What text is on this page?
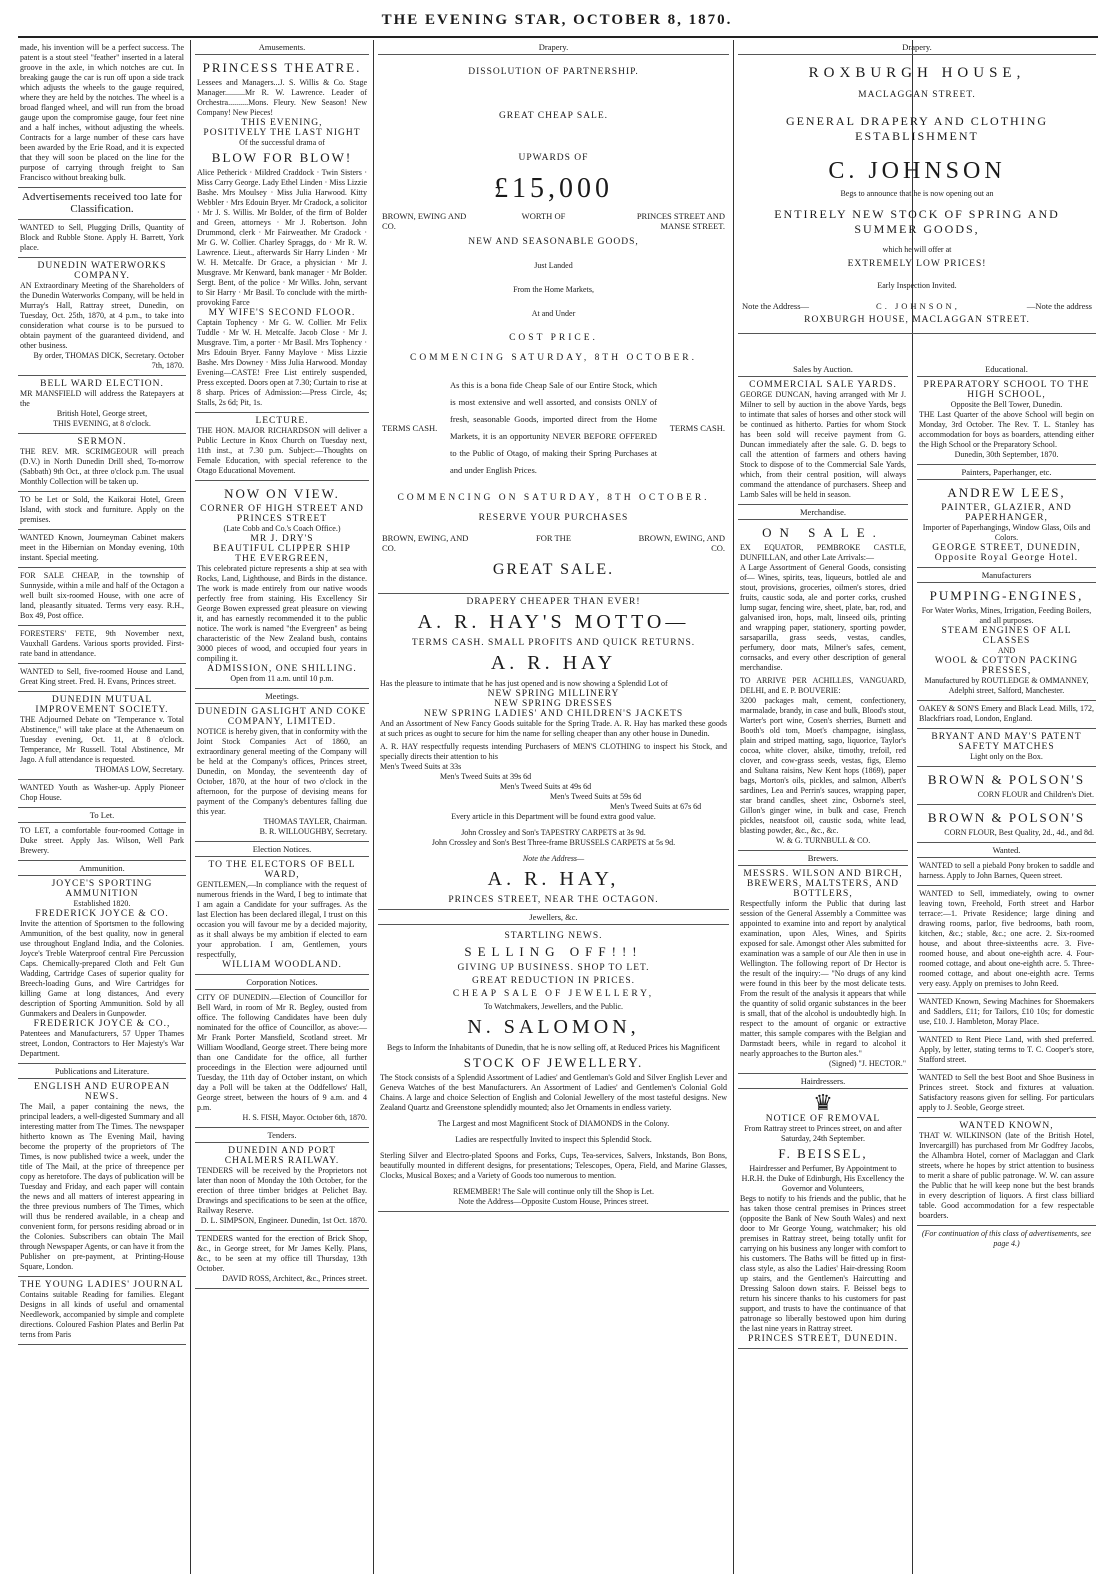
THE EVENING STAR, OCTOBER 8, 1870.
made, his invention will be a perfect success. The patent is a stout steel "feather" inserted in a lateral groove in the axle, in which notches are cut. In breaking gauge the car is run off upon a side track which adjusts the wheels to the gauge required, where they are held by the notches. The wheel is a broad flanged wheel, and will run from the broad gauge upon the compromise gauge, four feet nine and a half inches, without adjusting the wheels. Contracts for a large number of these cars have been awarded by the Erie Road, and it is expected that they will soon be placed on the line for the purpose of carrying through freight to San Francisco without breaking bulk.
Advertisements received too late for Classification.
WANTED to Sell, Plugging Drills, Quantity of Block and Rubble Stone. Apply H. Barrett, York place.
DUNEDIN WATERWORKS COMPANY.
AN Extraordinary Meeting of the Shareholders of the Dunedin Waterworks Company, will be held in Murray's Hall, Rattray street, Dunedin, on Tuesday, Oct. 25th, 1870, at 4 p.m., to take into consideration what course is to be pursued to obtain payment of the guaranteed dividend, and other business.
By order, THOMAS DICK, Secretary. October 7th, 1870.
BELL WARD ELECTION.
MR MANSFIELD will address the Ratepayers at the
British Hotel, George street,
THIS EVENING, at 8 o'clock.
SERMON.
THE REV. MR. SCRIMGEOUR will preach (D.V.) in North Dunedin Drill shed, To-morrow (Sabbath) 9th Oct., at three o'clock p.m. The usual Monthly Collection will be taken up.
TO be Let or Sold, the Kaikorai Hotel, Green Island, with stock and furniture. Apply on the premises.
WANTED Known, Journeyman Cabinet makers meet in the Hibernian on Monday evening, 10th instant. Special meeting.
FOR SALE CHEAP, in the township of Sunnyside, within a mile and half of the Octagon a well built six-roomed House, with one acre of land, pleasantly situated. Terms very easy. R.H., Box 49, Post office.
FORESTERS' FETE, 9th November next, Vauxhall Gardens. Various sports provided. First-rate band in attendance.
WANTED to Sell, five-roomed House and Land, Great King street. Fred. H. Evans, Princes street.
DUNEDIN MUTUAL IMPROVEMENT SOCIETY.
THE Adjourned Debate on "Temperance v. Total Abstinence," will take place at the Athenaeum on Tuesday evening, Oct. 11, at 8 o'clock. Temperance, Mr Russell. Total Abstinence, Mr Jago. A full attendance is requested.
THOMAS LOW, Secretary.
WANTED Youth as Washer-up. Apply Pioneer Chop House.
To Let.
TO LET, a comfortable four-roomed Cottage in Duke street. Apply Jas. Wilson, Well Park Brewery.
Ammunition.
JOYCE'S SPORTING AMMUNITION
Established 1820.
FREDERICK JOYCE & CO.
Invite the attention of Sportsmen to the following Ammunition, of the best quality, now in general use throughout England India, and the Colonies. Joyce's Treble Waterproof central Fire Percussion Caps. Chemically-prepared Cloth and Felt Gun Wadding, Cartridge Cases of superior quality for Breech-loading Guns, and Wire Cartridges for killing Game at long distances, And every description of Sporting Ammunition. Sold by all Gunmakers and Dealers in Gunpowder.
FREDERICK JOYCE & CO.,
Patentees and Manufacturers, 57 Upper Thames street, London, Contractors to Her Majesty's War Department.
Publications and Literature.
ENGLISH AND EUROPEAN NEWS.
The Mail, a paper containing the news, the principal leaders, a well-digested Summary and all interesting matter from The Times. The newspaper hitherto known as The Evening Mail, having become the property of the proprietors of The Times, is now published twice a week, under the title of The Mail, at the price of threepence per copy as heretofore. The days of publication will be Tuesday and Friday, and each paper will contain the news and all matters of interest appearing in the three previous numbers of The Times, which will thus be rendered available, in a cheap and convenient form, for persons residing abroad or in the Colonies. Subscribers can obtain The Mail through Newspaper Agents, or can have it from the Publisher on pre-payment, at Printing-House Square, London.
THE YOUNG LADIES' JOURNAL
Contains suitable Reading for families. Elegant Designs in all kinds of useful and ornamental Needlework, accompanied by simple and complete directions. Coloured Fashion Plates and Berlin Pat terns from Paris
Amusements.
PRINCESS THEATRE.
Lessees and Managers...J. S. Willis & Co. Stage Manager..........Mr R. W. Lawrence. Leader of Orchestra..........Mons. Fleury. New Season! New Company! New Pieces!
THIS EVENING,
POSITIVELY THE LAST NIGHT
Of the successful drama of
BLOW FOR BLOW!
Alice Petherick · Mildred Craddock · Twin Sisters · Miss Carry George. Lady Ethel Linden · Miss Lizzie Bashe. Mrs Moulsey · Miss Julia Harwood. Kitty Webbler · Mrs Edouin Bryer. Mr Cradock, a solicitor · Mr J. S. Willis. Mr Bolder, of the firm of Bolder and Green, attorneys · Mr J. Robertson. John Drummond, clerk · Mr Fairweather. Mr Cradock · Mr G. W. Collier. Charley Spraggs, do · Mr R. W. Lawrence. Lieut., afterwards Sir Harry Linden · Mr W. H. Metcalfe. Dr Grace, a physician · Mr J. Musgrave. Mr Kenward, bank manager · Mr Bolder. Sergt. Bent, of the police · Mr Wilks. John, servant to Sir Harry · Mr Basil. To conclude with the mirth-provoking Farce
MY WIFE'S SECOND FLOOR.
Captain Tophency · Mr G. W. Collier. Mr Felix Tuddle · Mr W. H. Metcalfe. Jacob Close · Mr J. Musgrave. Tim, a porter · Mr Basil. Mrs Tophency · Mrs Edouin Bryer. Fanny Maylove · Miss Lizzie Bashe. Mrs Downey · Miss Julia Harwood. Monday Evening—CASTE! Free List entirely suspended, Press excepted. Doors open at 7.30; Curtain to rise at 8 sharp. Prices of Admission:—Press Circle, 4s; Stalls, 2s 6d; Pit, 1s.
LECTURE.
THE HON. MAJOR RICHARDSON will deliver a Public Lecture in Knox Church on Tuesday next, 11th inst., at 7.30 p.m. Subject:—Thoughts on Female Education, with special reference to the Otago Educational Movement.
NOW ON VIEW.
CORNER OF HIGH STREET AND PRINCES STREET
(Late Cobb and Co.'s Coach Office.)
MR J. DRY'S
BEAUTIFUL CLIPPER SHIP
THE EVERGREEN,
This celebrated picture represents a ship at sea with Rocks, Land, Lighthouse, and Birds in the distance. The work is made entirely from our native woods perfectly free from staining. His Excellency Sir George Bowen expressed great pleasure on viewing it, and has earnestly recommended it to the public notice. The work is named "the Evergreen" as being characteristic of the New Zealand bush, contains 3000 pieces of wood, and occupied four years in compiling it.
ADMISSION, ONE SHILLING.
Open from 11 a.m. until 10 p.m.
Meetings.
DUNEDIN GASLIGHT AND COKE COMPANY, LIMITED.
NOTICE is hereby given, that in conformity with the Joint Stock Companies Act of 1860, an extraordinary general meeting of the Company will be held at the Company's offices, Princes street, Dunedin, on Monday, the seventeenth day of October, 1870, at the hour of two o'clock in the afternoon, for the purpose of devising means for payment of the Company's debentures falling due this year.
THOMAS TAYLER, Chairman.
B. R. WILLOUGHBY, Secretary.
Election Notices.
TO THE ELECTORS OF BELL WARD,
GENTLEMEN,—In compliance with the request of numerous friends in the Ward, I beg to intimate that I am again a Candidate for your suffrages. As the last Election has been declared illegal, I trust on this occasion you will favour me by a decided majority, as it shall always be my ambition if elected to earn your approbation. I am, Gentlemen, yours respectfully,
WILLIAM WOODLAND.
Corporation Notices.
CITY OF DUNEDIN.—Election of Councillor for Bell Ward, in room of Mr R. Begley, ousted from office. The following Candidates have been duly nominated for the office of Councillor, as above:— Mr Frank Porter Mansfield, Scotland street. Mr William Woodland, George street. There being more than one Candidate for the office, all further proceedings in the Election were adjourned until Tuesday, the 11th day of October instant, on which day a Poll will be taken at the Oddfellows' Hall, George street, between the hours of 9 a.m. and 4 p.m.
H. S. FISH, Mayor. October 6th, 1870.
Tenders.
DUNEDIN AND PORT CHALMERS RAILWAY.
TENDERS will be received by the Proprietors not later than noon of Monday the 10th October, for the erection of three timber bridges at Pelichet Bay. Drawings and specifications to be seen at the office, Railway Reserve.
D. L. SIMPSON, Engineer. Dunedin, 1st Oct. 1870.
TENDERS wanted for the erection of Brick Shop, &c., in George street, for Mr James Kelly. Plans, &c., to be seen at my office till Thursday, 13th October.
DAVID ROSS, Architect, &c., Princes street.
Drapery.
DISSOLUTION OF PARTNERSHIP.
GREAT CHEAP SALE.
UPWARDS OF
£15,000
BROWN, EWING AND CO.
WORTH OF	PRINCES STREET AND MANSE STREET.
NEW AND SEASONABLE GOODS,
Just Landed
From the Home Markets,
At and Under
COST PRICE.
COMMENCING SATURDAY, 8TH OCTOBER.
TERMS CASH.
As this is a bona fide Cheap Sale of our Entire Stock, which is most extensive and well assorted, and consists ONLY of fresh, seasonable Goods, imported direct from the Home Markets, it is an opportunity NEVER BEFORE OFFERED to the Public of Otago, of making their Spring Purchases at and under English Prices.
TERMS CASH.
COMMENCING ON SATURDAY, 8TH OCTOBER.
RESERVE YOUR PURCHASES
BROWN, EWING, AND CO.
FOR THE	BROWN, EWING, AND CO.
GREAT SALE.
DRAPERY CHEAPER THAN EVER!
A. R. HAY'S MOTTO—
TERMS CASH. SMALL PROFITS AND QUICK RETURNS.
A. R. HAY
Has the pleasure to intimate that he has just opened and is now showing a Splendid Lot of
NEW SPRING MILLINERY
NEW SPRING DRESSES
NEW SPRING LADIES' AND CHILDREN'S JACKETS
And an Assortment of New Fancy Goods suitable for the Spring Trade. A. R. Hay has marked these goods at such prices as ought to secure for him the name for selling cheaper than any other house in Dunedin.
A. R. HAY respectfully requests intending Purchasers of MEN'S CLOTHING to inspect his Stock, and specially directs their attention to his
Men's Tweed Suits at 33s
Men's Tweed Suits at 39s 6d
Men's Tweed Suits at 49s 6d
Men's Tweed Suits at 59s 6d
Men's Tweed Suits at 67s 6d
Every article in this Department will be found extra good value.
John Crossley and Son's TAPESTRY CARPETS at 3s 9d.
John Crossley and Son's Best Three-frame BRUSSELS CARPETS at 5s 9d.
Note the Address—
A. R. HAY,
PRINCES STREET, NEAR THE OCTAGON.
Jewellers, &c.
STARTLING NEWS.
SELLING OFF!!!
GIVING UP BUSINESS. SHOP TO LET.
GREAT REDUCTION IN PRICES.
CHEAP SALE OF JEWELLERY,
To Watchmakers, Jewellers, and the Public.
N. SALOMON,
Begs to Inform the Inhabitants of Dunedin, that he is now selling off, at Reduced Prices his Magnificent
STOCK OF JEWELLERY.
The Stock consists of a Splendid Assortment of Ladies' and Gentleman's Gold and Silver English Lever and Geneva Watches of the best Manufacturers. An Assortment of Ladies' and Gentlemen's Colonial Gold Chains. A large and choice Selection of English and Colonial Jewellery of the most tasteful designs. New Zealand Quartz and Greenstone splendidly mounted; also Jet Ornaments in endless variety.
The Largest and most Magnificent Stock of DIAMONDS in the Colony.
Ladies are respectfully Invited to inspect this Splendid Stock.
Sterling Silver and Electro-plated Spoons and Forks, Cups, Tea-services, Salvers, Inkstands, Bon Bons, beautifully mounted in different designs, for presentations; Telescopes, Opera, Field, and Marine Glasses, Clocks, Musical Boxes; and a Variety of Goods too numerous to mention.
REMEMBER! The Sale will continue only till the Shop is Let.
Note the Address—Opposite Custom House, Princes street.
Drapery.
ROXBURGH HOUSE,
MACLAGGAN STREET.
GENERAL DRAPERY AND CLOTHING ESTABLISHMENT
C. JOHNSON
Begs to announce that he is now opening out an
ENTIRELY NEW STOCK OF SPRING AND SUMMER GOODS,
which he will offer at
EXTREMELY LOW PRICES!
Early Inspection Invited.
Note the Address—	C. JOHNSON,	—Note the address
ROXBURGH HOUSE, MACLAGGAN STREET.
Sales by Auction.
COMMERCIAL SALE YARDS.
GEORGE DUNCAN, having arranged with Mr J. Milner to sell by auction in the above Yards, begs to intimate that sales of horses and other stock will be continued as hitherto. Parties for whom Stock has been sold will receive payment from G. Duncan immediately after the sale. G. D. begs to call the attention of farmers and others having Stock to dispose of to the Commercial Sale Yards, which, from their central position, will always command the attendance of purchasers. Sheep and Lamb Sales will be held in season.
Merchandise.
ON SALE.
EX EQUATOR, PEMBROKE CASTLE, DUNFILLAN, and other Late Arrivals:—
A Large Assortment of General Goods, consisting of— Wines, spirits, teas, liqueurs, bottled ale and stout, provisions, groceries, oilmen's stores, dried fruits, caustic soda, ale and porter corks, crushed lump sugar, fencing wire, sheet, plate, bar, rod, and galvanised iron, hops, malt, linseed oils, printing and wrapping paper, stationery, sporting powder, sarsaparilla, grass seeds, vestas, candles, perfumery, door mats, Milner's safes, cement, cornsacks, and every other description of general merchandise.
TO ARRIVE PER ACHILLES, VANGUARD, DELHI, and E. P. BOUVERIE:
3200 packages malt, cement, confectionery, marmalade, brandy, in case and bulk, Blood's stout, Warter's port wine, Cosen's sherries, Burnett and Booth's old tom, Moet's champagne, isinglass, plain and striped matting, sago, liquorice, Taylor's cocoa, white clover, alsike, timothy, trefoil, red clover, and cow-grass seeds, vestas, figs, Elemo and Sultana raisins, New Kent hops (1869), paper bags, Morton's oils, pickles, and salmon, Albert's sardines, Lea and Perrin's sauces, wrapping paper, star brand candles, sheet zinc, Osborne's steel, Gillon's ginger wine, in bulk and case, French pickles, neatsfoot oil, caustic soda, white lead, blasting powder, &c., &c., &c.
W. & G. TURNBULL & CO.
Brewers.
MESSRS. WILSON AND BIRCH, BREWERS, MALTSTERS, AND BOTTLERS,
Respectfully inform the Public that during last session of the General Assembly a Committee was appointed to examine into and report by analytical examination, upon Ales, Wines, and Spirits exposed for sale. Amongst other Ales submitted for examination was a sample of our Ale then in use in Wellington. The following report of Dr Hector is the result of the inquiry:— "No drugs of any kind were found in this beer by the most delicate tests. From the result of the analysis it appears that while the quantity of solid organic substances in the beer is small, that of the alcohol is undoubtedly high. In respect to the amount of organic or extractive matter, this sample compares with the Belgian and Darmstadt beers, while in regard to alcohol it nearly approaches to the Burton ales."
(Signed) "J. HECTOR."
Hairdressers.
♛
NOTICE OF REMOVAL
From Rattray street to Princes street, on and after Saturday, 24th September.
F. BEISSEL,
Hairdresser and Perfumer, By Appointment to H.R.H. the Duke of Edinburgh, His Excellency the Governor and Volunteers,
Begs to notify to his friends and the public, that he has taken those central premises in Princes street (opposite the Bank of New South Wales) and next door to Mr George Young, watchmaker; his old premises in Rattray street, being totally unfit for carrying on his business any longer with comfort to his customers. The Baths will be fitted up in first-class style, as also the Ladies' Hair-dressing Room up stairs, and the Gentlemen's Haircutting and Dressing Saloon down stairs. F. Beissel begs to return his sincere thanks to his customers for past support, and trusts to have the continuance of that patronage so liberally bestowed upon him during the last nine years in Rattray street.
PRINCES STREET, DUNEDIN.
Educational.
PREPARATORY SCHOOL TO THE HIGH SCHOOL,
Opposite the Bell Tower, Dunedin.
THE Last Quarter of the above School will begin on Monday, 3rd October. The Rev. T. L. Stanley has accommodation for boys as boarders, attending either the High School or the Preparatory School.
Dunedin, 30th September, 1870.
Painters, Paperhanger, etc.
ANDREW LEES,
PAINTER, GLAZIER, AND PAPERHANGER,
Importer of Paperhangings, Window Glass, Oils and Colors.
GEORGE STREET, DUNEDIN, Opposite Royal George Hotel.
Manufacturers
PUMPING-ENGINES,
For Water Works, Mines, Irrigation, Feeding Boilers, and all purposes.
STEAM ENGINES OF ALL CLASSES
AND
WOOL & COTTON PACKING PRESSES,
Manufactured by ROUTLEDGE & OMMANNEY, Adelphi street, Salford, Manchester.
OAKEY & SON'S Emery and Black Lead. Mills, 172, Blackfriars road, London, England.
BRYANT AND MAY'S PATENT SAFETY MATCHES
Light only on the Box.
BROWN & POLSON'S
CORN FLOUR and Children's Diet.
BROWN & POLSON'S
CORN FLOUR, Best Quality, 2d., 4d., and 8d.
Wanted.
WANTED to sell a piebald Pony broken to saddle and harness. Apply to John Barnes, Queen street.
WANTED to Sell, immediately, owing to owner leaving town, Freehold, Forth street and Harbor terrace:—1. Private Residence; large dining and drawing rooms, parlor, five bedrooms, bath room, kitchen, &c.; stable, &c.; one acre. 2. Six-roomed house, and about three-sixteenths acre. 3. Five-roomed house, and about one-eighth acre. 4. Four-roomed cottage, and about one-eighth acre. 5. Three-roomed cottage, and about one-eighth acre. Terms very easy. Apply on premises to John Reed.
WANTED Known, Sewing Machines for Shoemakers and Saddlers, £11; for Tailors, £10 10s; for domestic use, £10. J. Hambleton, Moray Place.
WANTED to Rent Piece Land, with shed preferred. Apply, by letter, stating terms to T. C. Cooper's store, Stafford street.
WANTED to Sell the best Boot and Shoe Business in Princes street. Stock and fixtures at valuation. Satisfactory reasons given for selling. For particulars apply to J. Seoble, George street.
WANTED KNOWN,
THAT W. WILKINSON (late of the British Hotel, Invercargill) has purchased from Mr Godfrey Jacobs, the Alhambra Hotel, corner of Maclaggan and Clark streets, where he hopes by strict attention to business to merit a share of public patronage. W. W. can assure the Public that he will keep none but the best brands in every description of liquors. A first class billiard table. Good accommodation for a few respectable boarders.
(For continuation of this class of advertisements, see page 4.)
